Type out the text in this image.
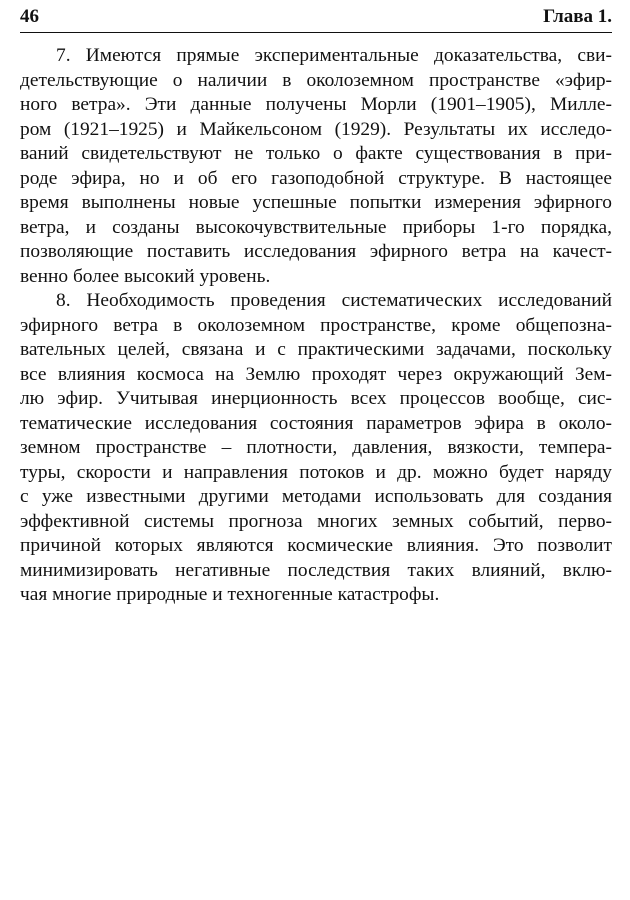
46	Глава 1.

7. Имеются прямые экспериментальные доказательства, сви-
детельствующие о наличии в околоземном пространстве «эфир-
ного ветра». Эти данные получены Морли (1901–1905), Милле-
ром (1921–1925) и Майкельсоном (1929). Результаты их исследо-
ваний свидетельствуют не только о факте существования в при-
роде эфира, но и об его газоподобной структуре. В настоящее
время выполнены новые успешные попытки измерения эфирного
ветра, и созданы высокочувствительные приборы 1-го порядка,
позволяющие поставить исследования эфирного ветра на качест-
венно более высокий уровень.

8. Необходимость проведения систематических исследований
эфирного ветра в околоземном пространстве, кроме общепозна-
вательных целей, связана и с практическими задачами, поскольку
все влияния космоса на Землю проходят через окружающий Зем-
лю эфир. Учитывая инерционность всех процессов вообще, сис-
тематические исследования состояния параметров эфира в около-
земном пространстве – плотности, давления, вязкости, темпера-
туры, скорости и направления потоков и др. можно будет наряду
с уже известными другими методами использовать для создания
эффективной системы прогноза многих земных событий, перво-
причиной которых являются космические влияния. Это позволит
минимизировать негативные последствия таких влияний, вклю-
чая многие природные и техногенные катастрофы.
